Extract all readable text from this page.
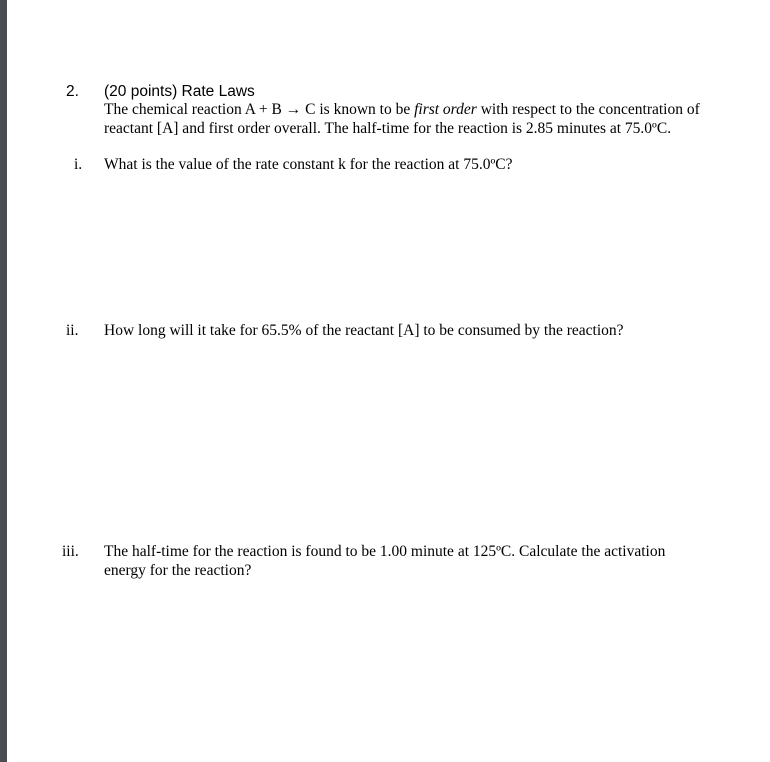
2. (20 points) Rate Laws
The chemical reaction A + B → C is known to be first order with respect to the concentration of
reactant [A] and first order overall. The half-time for the reaction is 2.85 minutes at 75.0ºC.
i. What is the value of the rate constant k for the reaction at 75.0ºC?
ii. How long will it take for 65.5% of the reactant [A] to be consumed by the reaction?
iii. The half-time for the reaction is found to be 1.00 minute at 125ºC. Calculate the activation
energy for the reaction?
